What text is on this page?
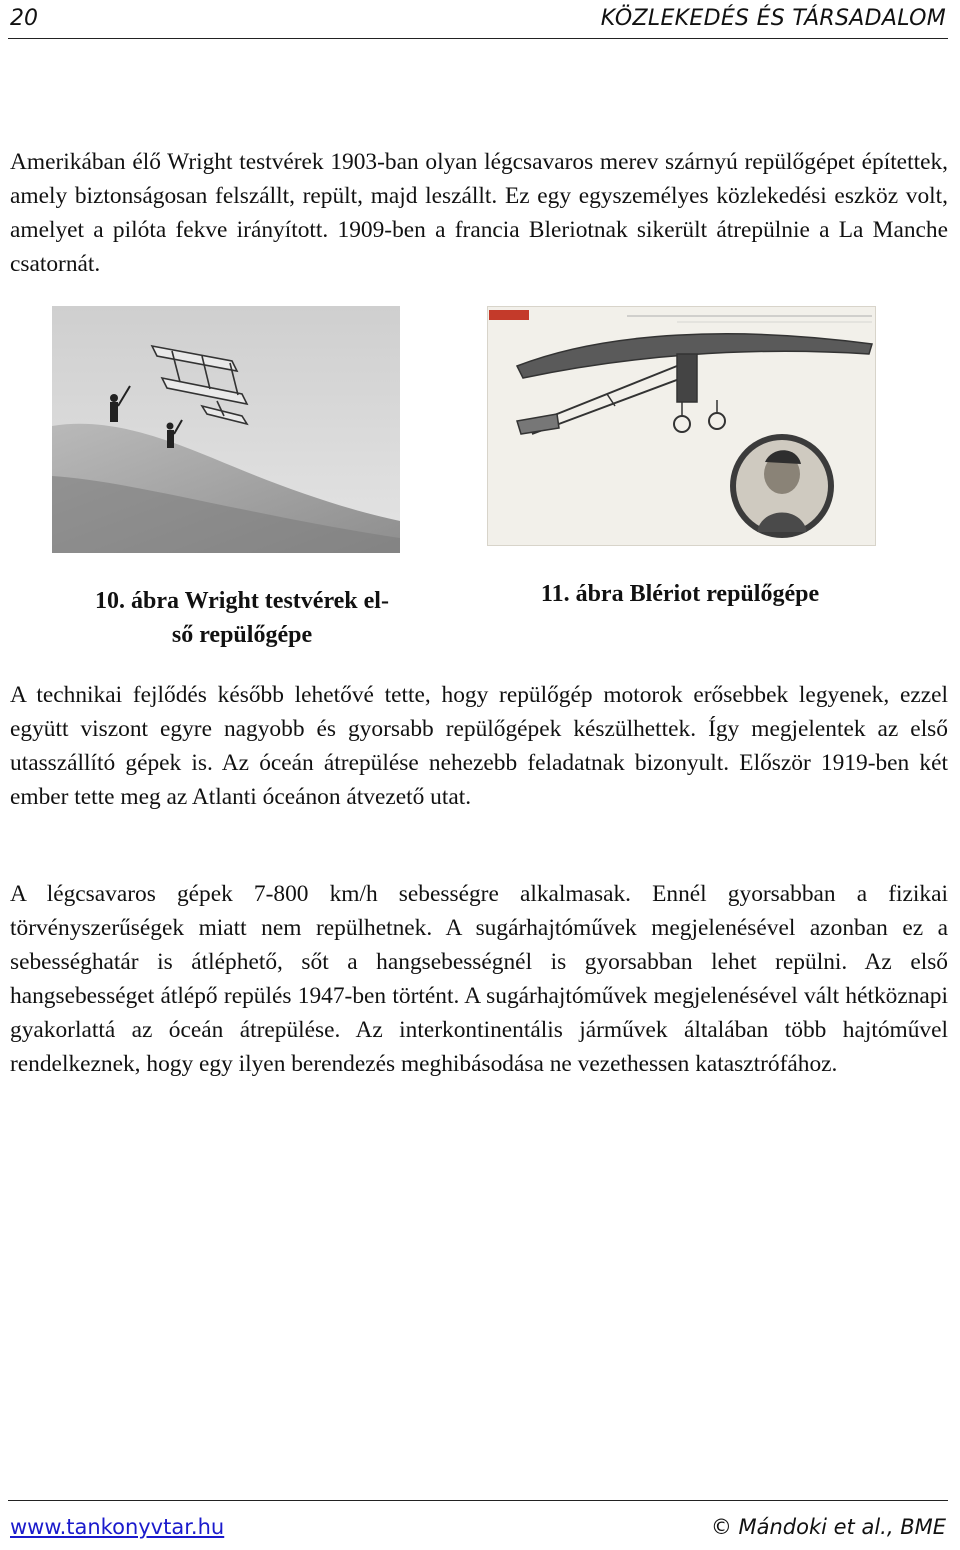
20	KÖZLEKEDÉS ÉS TÁRSADALOM

Amerikában élő Wright testvérek 1903-ban olyan légcsavaros merev szárnyú repülőgépet építettek, amely biztonságosan felszállt, repült, majd leszállt. Ez egy egyszemélyes közlekedési eszköz volt, amelyet a pilóta fekve irányított. 1909-ben a francia Bleriotnak sikerült átrepülnie a La Manche csatornát.

10. ábra Wright testvérek el-
ső repülőgépe
11. ábra Blériot repülőgépe

A technikai fejlődés később lehetővé tette, hogy repülőgép motorok erősebbek legyenek, ezzel együtt viszont egyre nagyobb és gyorsabb repülőgépek készülhettek. Így megjelentek az első utasszállító gépek is. Az óceán átrepülése nehezebb feladatnak bizonyult. Először 1919-ben két ember tette meg az Atlanti óceánon átvezető utat.

A légcsavaros gépek 7-800 km/h sebességre alkalmasak. Ennél gyorsabban a fizikai törvényszerűségek miatt nem repülhetnek. A sugárhajtóművek megjelenésével azonban ez a sebességhatár is átléphető, sőt a hangsebességnél is gyorsabban lehet repülni. Az első hangsebességet átlépő repülés 1947-ben történt. A sugárhajtóművek megjelenésével vált hétköznapi gyakorlattá az óceán átrepülése. Az interkontinentális járművek általában több hajtóművel rendelkeznek, hogy egy ilyen berendezés meghibásodása ne vezethessen katasztrófához.

www.tankonyvtar.hu	© Mándoki et al., BME
